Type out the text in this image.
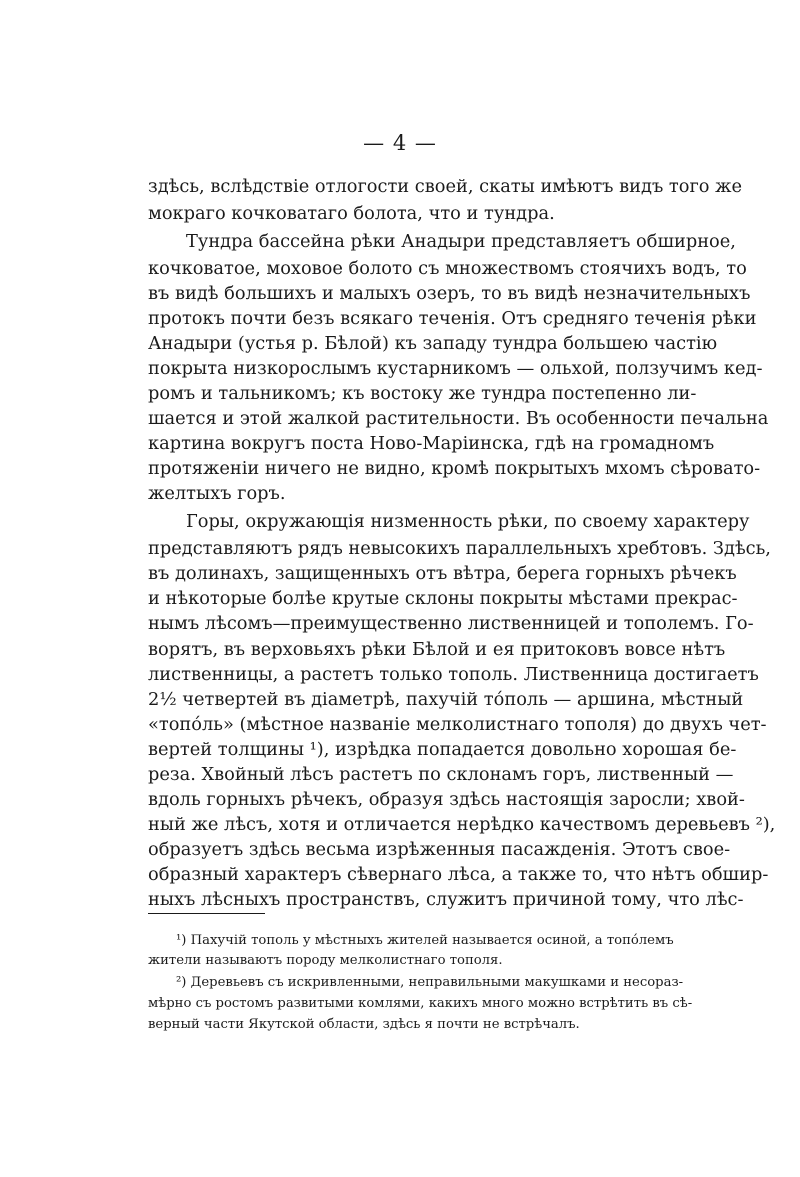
— 4 —
здѣсь, вслѣдствіе отлогости своей, скаты имѣютъ видъ того же
мокраго кочковатаго болота, что и тундра.
Тундра бассейна рѣки Анадыри представляетъ обширное,
кочковатое, моховое болото съ множествомъ стоячихъ водъ, то
въ видѣ большихъ и малыхъ озеръ, то въ видѣ незначительныхъ
протокъ почти безъ всякаго теченія. Отъ средняго теченія рѣки
Анадыри (устья р. Бѣлой) къ западу тундра большею частію
покрыта низкорослымъ кустарникомъ — ольхой, ползучимъ кед-
ромъ и тальникомъ; къ востоку же тундра постепенно ли-
шается и этой жалкой растительности. Въ особенности печальна
картина вокругъ поста Ново-Маріинска, гдѣ на громадномъ
протяженіи ничего не видно, кромѣ покрытыхъ мхомъ сѣровато-
желтыхъ горъ.
Горы, окружающія низменность рѣки, по своему характеру
представляютъ рядъ невысокихъ параллельныхъ хребтовъ. Здѣсь,
въ долинахъ, защищенныхъ отъ вѣтра, берега горныхъ рѣчекъ
и нѣкоторые болѣе крутые склоны покрыты мѣстами прекрас-
нымъ лѣсомъ—преимущественно лиственницей и тополемъ. Го-
ворятъ, въ верховьяхъ рѣки Бѣлой и ея притоковъ вовсе нѣтъ
лиственницы, а растетъ только тополь. Лиственница достигаетъ
2½ четвертей въ діаметрѣ, пахучій то́поль — аршина, мѣстный
«топо́ль» (мѣстное названіе мелколистнаго тополя) до двухъ чет-
вертей толщины ¹), изрѣдка попадается довольно хорошая бе-
реза. Хвойный лѣсъ растетъ по склонамъ горъ, лиственный —
вдоль горныхъ рѣчекъ, образуя здѣсь настоящія заросли; хвой-
ный же лѣсъ, хотя и отличается нерѣдко качествомъ деревьевъ ²),
образуетъ здѣсь весьма изрѣженныя пасажденія. Этотъ свое-
образный характеръ сѣвернаго лѣса, а также то, что нѣтъ обшир-
ныхъ лѣсныхъ пространствъ, служитъ причиной тому, что лѣс-
¹) Пахучій тополь у мѣстныхъ жителей называется осиной, а топо́лемъ
жители называютъ породу мелколистнаго тополя.
²) Деревьевъ съ искривленными, неправильными макушками и несораз-
мѣрно съ ростомъ развитыми комлями, какихъ много можно встрѣтить въ сѣ-
верный части Якутской области, здѣсь я почти не встрѣчалъ.
